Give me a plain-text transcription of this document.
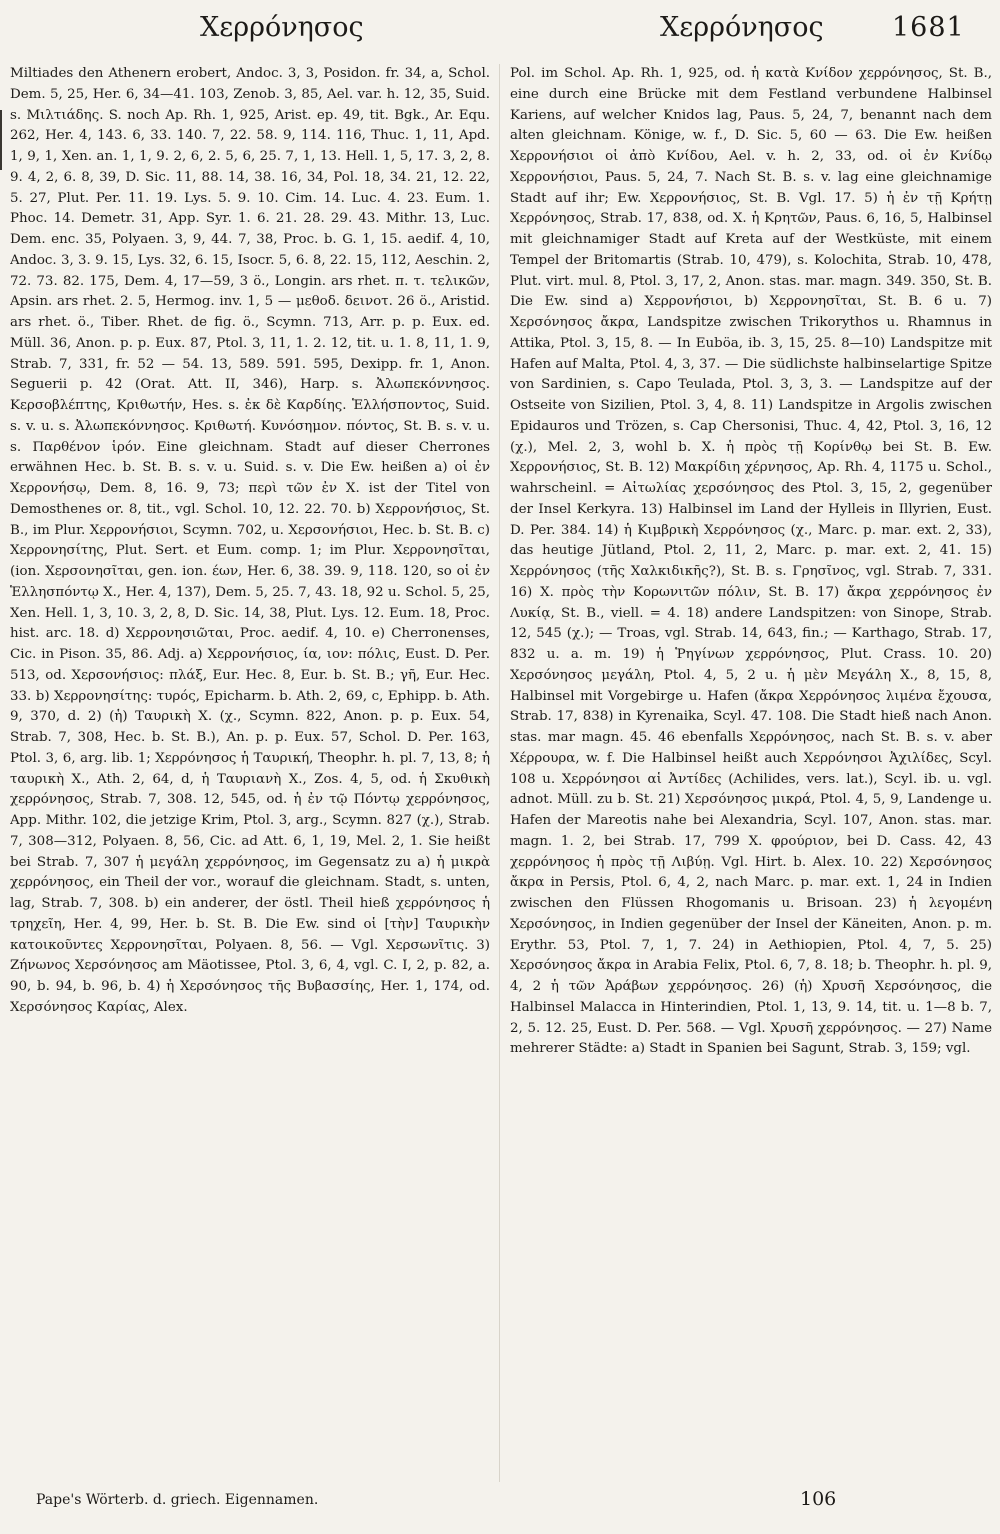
Χερρόνησος	Χερρόνησος	1681

Miltiades den Athenern erobert, Andoc. 3, 3, Posidon. fr. 34, a, Schol. Dem. 5, 25, Her. 6, 34—41. 103, Zenob. 3, 85, Ael. var. h. 12, 35, Suid. s. Μιλτιάδης. S. noch Ap. Rh. 1, 925, Arist. ep. 49, tit. Bgk., Ar. Equ. 262, Her. 4, 143. 6, 33. 140. 7, 22. 58. 9, 114. 116, Thuc. 1, 11, Apd. 1, 9, 1, Xen. an. 1, 1, 9. 2, 6, 2. 5, 6, 25. 7, 1, 13. Hell. 1, 5, 17. 3, 2, 8. 9. 4, 2, 6. 8, 39, D. Sic. 11, 88. 14, 38. 16, 34, Pol. 18, 34. 21, 12. 22, 5. 27, Plut. Per. 11. 19. Lys. 5. 9. 10. Cim. 14. Luc. 4. 23. Eum. 1. Phoc. 14. Demetr. 31, App. Syr. 1. 6. 21. 28. 29. 43. Mithr. 13, Luc. Dem. enc. 35, Polyaen. 3, 9, 44. 7, 38, Proc. b. G. 1, 15. aedif. 4, 10, Andoc. 3, 3. 9. 15, Lys. 32, 6. 15, Isocr. 5, 6. 8, 22. 15, 112, Aeschin. 2, 72. 73. 82. 175, Dem. 4, 17—59, 3 ö., Longin. ars rhet. π. τ. τελικῶν, Apsin. ars rhet. 2. 5, Hermog. inv. 1, 5 — μεθοδ. δεινοτ. 26 ö., Aristid. ars rhet. ö., Tiber. Rhet. de fig. ö., Scymn. 713, Arr. p. p. Eux. ed. Müll. 36, Anon. p. p. Eux. 87, Ptol. 3, 11, 1. 2. 12, tit. u. 1. 8, 11, 1. 9, Strab. 7, 331, fr. 52 — 54. 13, 589. 591. 595, Dexipp. fr. 1, Anon. Seguerii p. 42 (Orat. Att. II, 346), Harp. s. Ἀλωπεκόννησος. Κερσοβλέπτης, Κριθωτήν, Hes. s. ἐκ δὲ Καρδίης. Ἑλλήσποντος, Suid. s. v. u. s. Ἀλωπεκόννησος. Κριθωτή. Κυνόσημον. πόντος, St. B. s. v. u. s. Παρθένον ἱρόν. Eine gleichnam. Stadt auf dieser Cherrones erwähnen Hec. b. St. B. s. v. u. Suid. s. v. Die Ew. heißen a) οἱ ἐν Χερρονήσῳ, Dem. 8, 16. 9, 73; περὶ τῶν ἐν Χ. ist der Titel von Demosthenes or. 8, tit., vgl. Schol. 10, 12. 22. 70. b) Χερρονήσιος, St. B., im Plur. Χερρονήσιοι, Scymn. 702, u. Χερσονήσιοι, Hec. b. St. B. c) Χερρονησίτης, Plut. Sert. et Eum. comp. 1; im Plur. Χερρονησῖται, (ion. Χερσονησῖται, gen. ion. έων, Her. 6, 38. 39. 9, 118. 120, so οἱ ἐν Ἑλλησπόντῳ Χ., Her. 4, 137), Dem. 5, 25. 7, 43. 18, 92 u. Schol. 5, 25, Xen. Hell. 1, 3, 10. 3, 2, 8, D. Sic. 14, 38, Plut. Lys. 12. Eum. 18, Proc. hist. arc. 18. d) Χερρονησιῶται, Proc. aedif. 4, 10. e) Cherronenses, Cic. in Pison. 35, 86. Adj. a) Χερρονήσιος, ία, ιον: πόλις, Eust. D. Per. 513, od. Χερσονήσιος: πλάξ, Eur. Hec. 8, Eur. b. St. B.; γῆ, Eur. Hec. 33. b) Χερρονησίτης: τυρός, Epicharm. b. Ath. 2, 69, c, Ephipp. b. Ath. 9, 370, d. 2) (ἡ) Ταυρικὴ Χ. (χ., Scymn. 822, Anon. p. p. Eux. 54, Strab. 7, 308, Hec. b. St. B.), An. p. p. Eux. 57, Schol. D. Per. 163, Ptol. 3, 6, arg. lib. 1; Χερρόνησος ἡ Ταυρική, Theophr. h. pl. 7, 13, 8; ἡ ταυρικὴ Χ., Ath. 2, 64, d, ἡ Ταυριανὴ Χ., Zos. 4, 5, od. ἡ Σκυθικὴ χερρόνησος, Strab. 7, 308. 12, 545, od. ἡ ἐν τῷ Πόντῳ χερρόνησος, App. Mithr. 102, die jetzige Krim, Ptol. 3, arg., Scymn. 827 (χ.), Strab. 7, 308—312, Polyaen. 8, 56, Cic. ad Att. 6, 1, 19, Mel. 2, 1. Sie heißt bei Strab. 7, 307 ἡ μεγάλη χερρόνησος, im Gegensatz zu a) ἡ μικρὰ χερρόνησος, ein Theil der vor., worauf die gleichnam. Stadt, s. unten, lag, Strab. 7, 308. b) ein anderer, der östl. Theil hieß χερρόνησος ἡ τρηχεῖη, Her. 4, 99, Her. b. St. B. Die Ew. sind οἱ [τὴν] Ταυρικὴν κατοικοῦντες Χερρονησῖται, Polyaen. 8, 56. — Vgl. Χερσωνῖτις. 3) Ζήνωνος Χερσόνησος am Mäotissee, Ptol. 3, 6, 4, vgl. C. I, 2, p. 82, a. 90, b. 94, b. 96, b. 4) ἡ Χερσόνησος τῆς Βυβασσίης, Her. 1, 174, od. Χερσόνησος Καρίας, Alex.

Pol. im Schol. Ap. Rh. 1, 925, od. ἡ κατὰ Κνίδον χερρόνησος, St. B., eine durch eine Brücke mit dem Festland verbundene Halbinsel Kariens, auf welcher Knidos lag, Paus. 5, 24, 7, benannt nach dem alten gleichnam. Könige, w. f., D. Sic. 5, 60 — 63. Die Ew. heißen Χερρονήσιοι οἱ ἀπὸ Κνίδου, Ael. v. h. 2, 33, od. οἱ ἐν Κνίδῳ Χερρονήσιοι, Paus. 5, 24, 7. Nach St. B. s. v. lag eine gleichnamige Stadt auf ihr; Ew. Χερρονήσιος, St. B. Vgl. 17. 5) ἡ ἐν τῇ Κρήτῃ Χερρόνησος, Strab. 17, 838, od. Χ. ἡ Κρητῶν, Paus. 6, 16, 5, Halbinsel mit gleichnamiger Stadt auf Kreta auf der Westküste, mit einem Tempel der Britomartis (Strab. 10, 479), s. Kolochita, Strab. 10, 478, Plut. virt. mul. 8, Ptol. 3, 17, 2, Anon. stas. mar. magn. 349. 350, St. B. Die Ew. sind a) Χερρονήσιοι, b) Χερρονησῖται, St. B. 6 u. 7) Χερσόνησος ἄκρα, Landspitze zwischen Trikorythos u. Rhamnus in Attika, Ptol. 3, 15, 8. — In Euböa, ib. 3, 15, 25. 8—10) Landspitze mit Hafen auf Malta, Ptol. 4, 3, 37. — Die südlichste halbinselartige Spitze von Sardinien, s. Capo Teulada, Ptol. 3, 3, 3. — Landspitze auf der Ostseite von Sizilien, Ptol. 3, 4, 8. 11) Landspitze in Argolis zwischen Epidauros und Trözen, s. Cap Chersonisi, Thuc. 4, 42, Ptol. 3, 16, 12 (χ.), Mel. 2, 3, wohl b. Χ. ἡ πρὸς τῇ Κορίνθῳ bei St. B. Ew. Χερρονήσιος, St. B. 12) Μακρίδιη χέρνησος, Ap. Rh. 4, 1175 u. Schol., wahrscheinl. = Αἰτωλίας χερσόνησος des Ptol. 3, 15, 2, gegenüber der Insel Kerkyra. 13) Halbinsel im Land der Hylleis in Illyrien, Eust. D. Per. 384. 14) ἡ Κιμβρικὴ Χερρόνησος (χ., Marc. p. mar. ext. 2, 33), das heutige Jütland, Ptol. 2, 11, 2, Marc. p. mar. ext. 2, 41. 15) Χερρόνησος (τῆς Χαλκιδικῆς?), St. B. s. Γρησῖνος, vgl. Strab. 7, 331. 16) Χ. πρὸς τὴν Κορωνιτῶν πόλιν, St. B. 17) ἄκρα χερρόνησος ἐν Λυκίᾳ, St. B., viell. = 4. 18) andere Landspitzen: von Sinope, Strab. 12, 545 (χ.); — Troas, vgl. Strab. 14, 643, fin.; — Karthago, Strab. 17, 832 u. a. m. 19) ἡ Ῥηγίνων χερρόνησος, Plut. Crass. 10. 20) Χερσόνησος μεγάλη, Ptol. 4, 5, 2 u. ἡ μὲν Μεγάλη Χ., 8, 15, 8, Halbinsel mit Vorgebirge u. Hafen (ἄκρα Χερρόνησος λιμένα ἔχουσα, Strab. 17, 838) in Kyrenaika, Scyl. 47. 108. Die Stadt hieß nach Anon. stas. mar magn. 45. 46 ebenfalls Χερρόνησος, nach St. B. s. v. aber Χέρρουρα, w. f. Die Halbinsel heißt auch Χερρόνησοι Ἀχιλίδες, Scyl. 108 u. Χερρόνησοι αἱ Ἀντίδες (Achilides, vers. lat.), Scyl. ib. u. vgl. adnot. Müll. zu b. St. 21) Χερσόνησος μικρά, Ptol. 4, 5, 9, Landenge u. Hafen der Mareotis nahe bei Alexandria, Scyl. 107, Anon. stas. mar. magn. 1. 2, bei Strab. 17, 799 Χ. φρούριον, bei D. Cass. 42, 43 χερρόνησος ἡ πρὸς τῇ Λιβύῃ. Vgl. Hirt. b. Alex. 10. 22) Χερσόνησος ἄκρα in Persis, Ptol. 6, 4, 2, nach Marc. p. mar. ext. 1, 24 in Indien zwischen den Flüssen Rhogomanis u. Brisoan. 23) ἡ λεγομένη Χερσόνησος, in Indien gegenüber der Insel der Käneiten, Anon. p. m. Erythr. 53, Ptol. 7, 1, 7. 24) in Aethiopien, Ptol. 4, 7, 5. 25) Χερσόνησος ἄκρα in Arabia Felix, Ptol. 6, 7, 8. 18; b. Theophr. h. pl. 9, 4, 2 ἡ τῶν Ἀράβων χερρόνησος. 26) (ἡ) Χρυσῆ Χερσόνησος, die Halbinsel Malacca in Hinterindien, Ptol. 1, 13, 9. 14, tit. u. 1—8 b. 7, 2, 5. 12. 25, Eust. D. Per. 568. — Vgl. Χρυσῆ χερρόνησος. — 27) Name mehrerer Städte: a) Stadt in Spanien bei Sagunt, Strab. 3, 159; vgl.

Pape's Wörterb. d. griech. Eigennamen.	106
